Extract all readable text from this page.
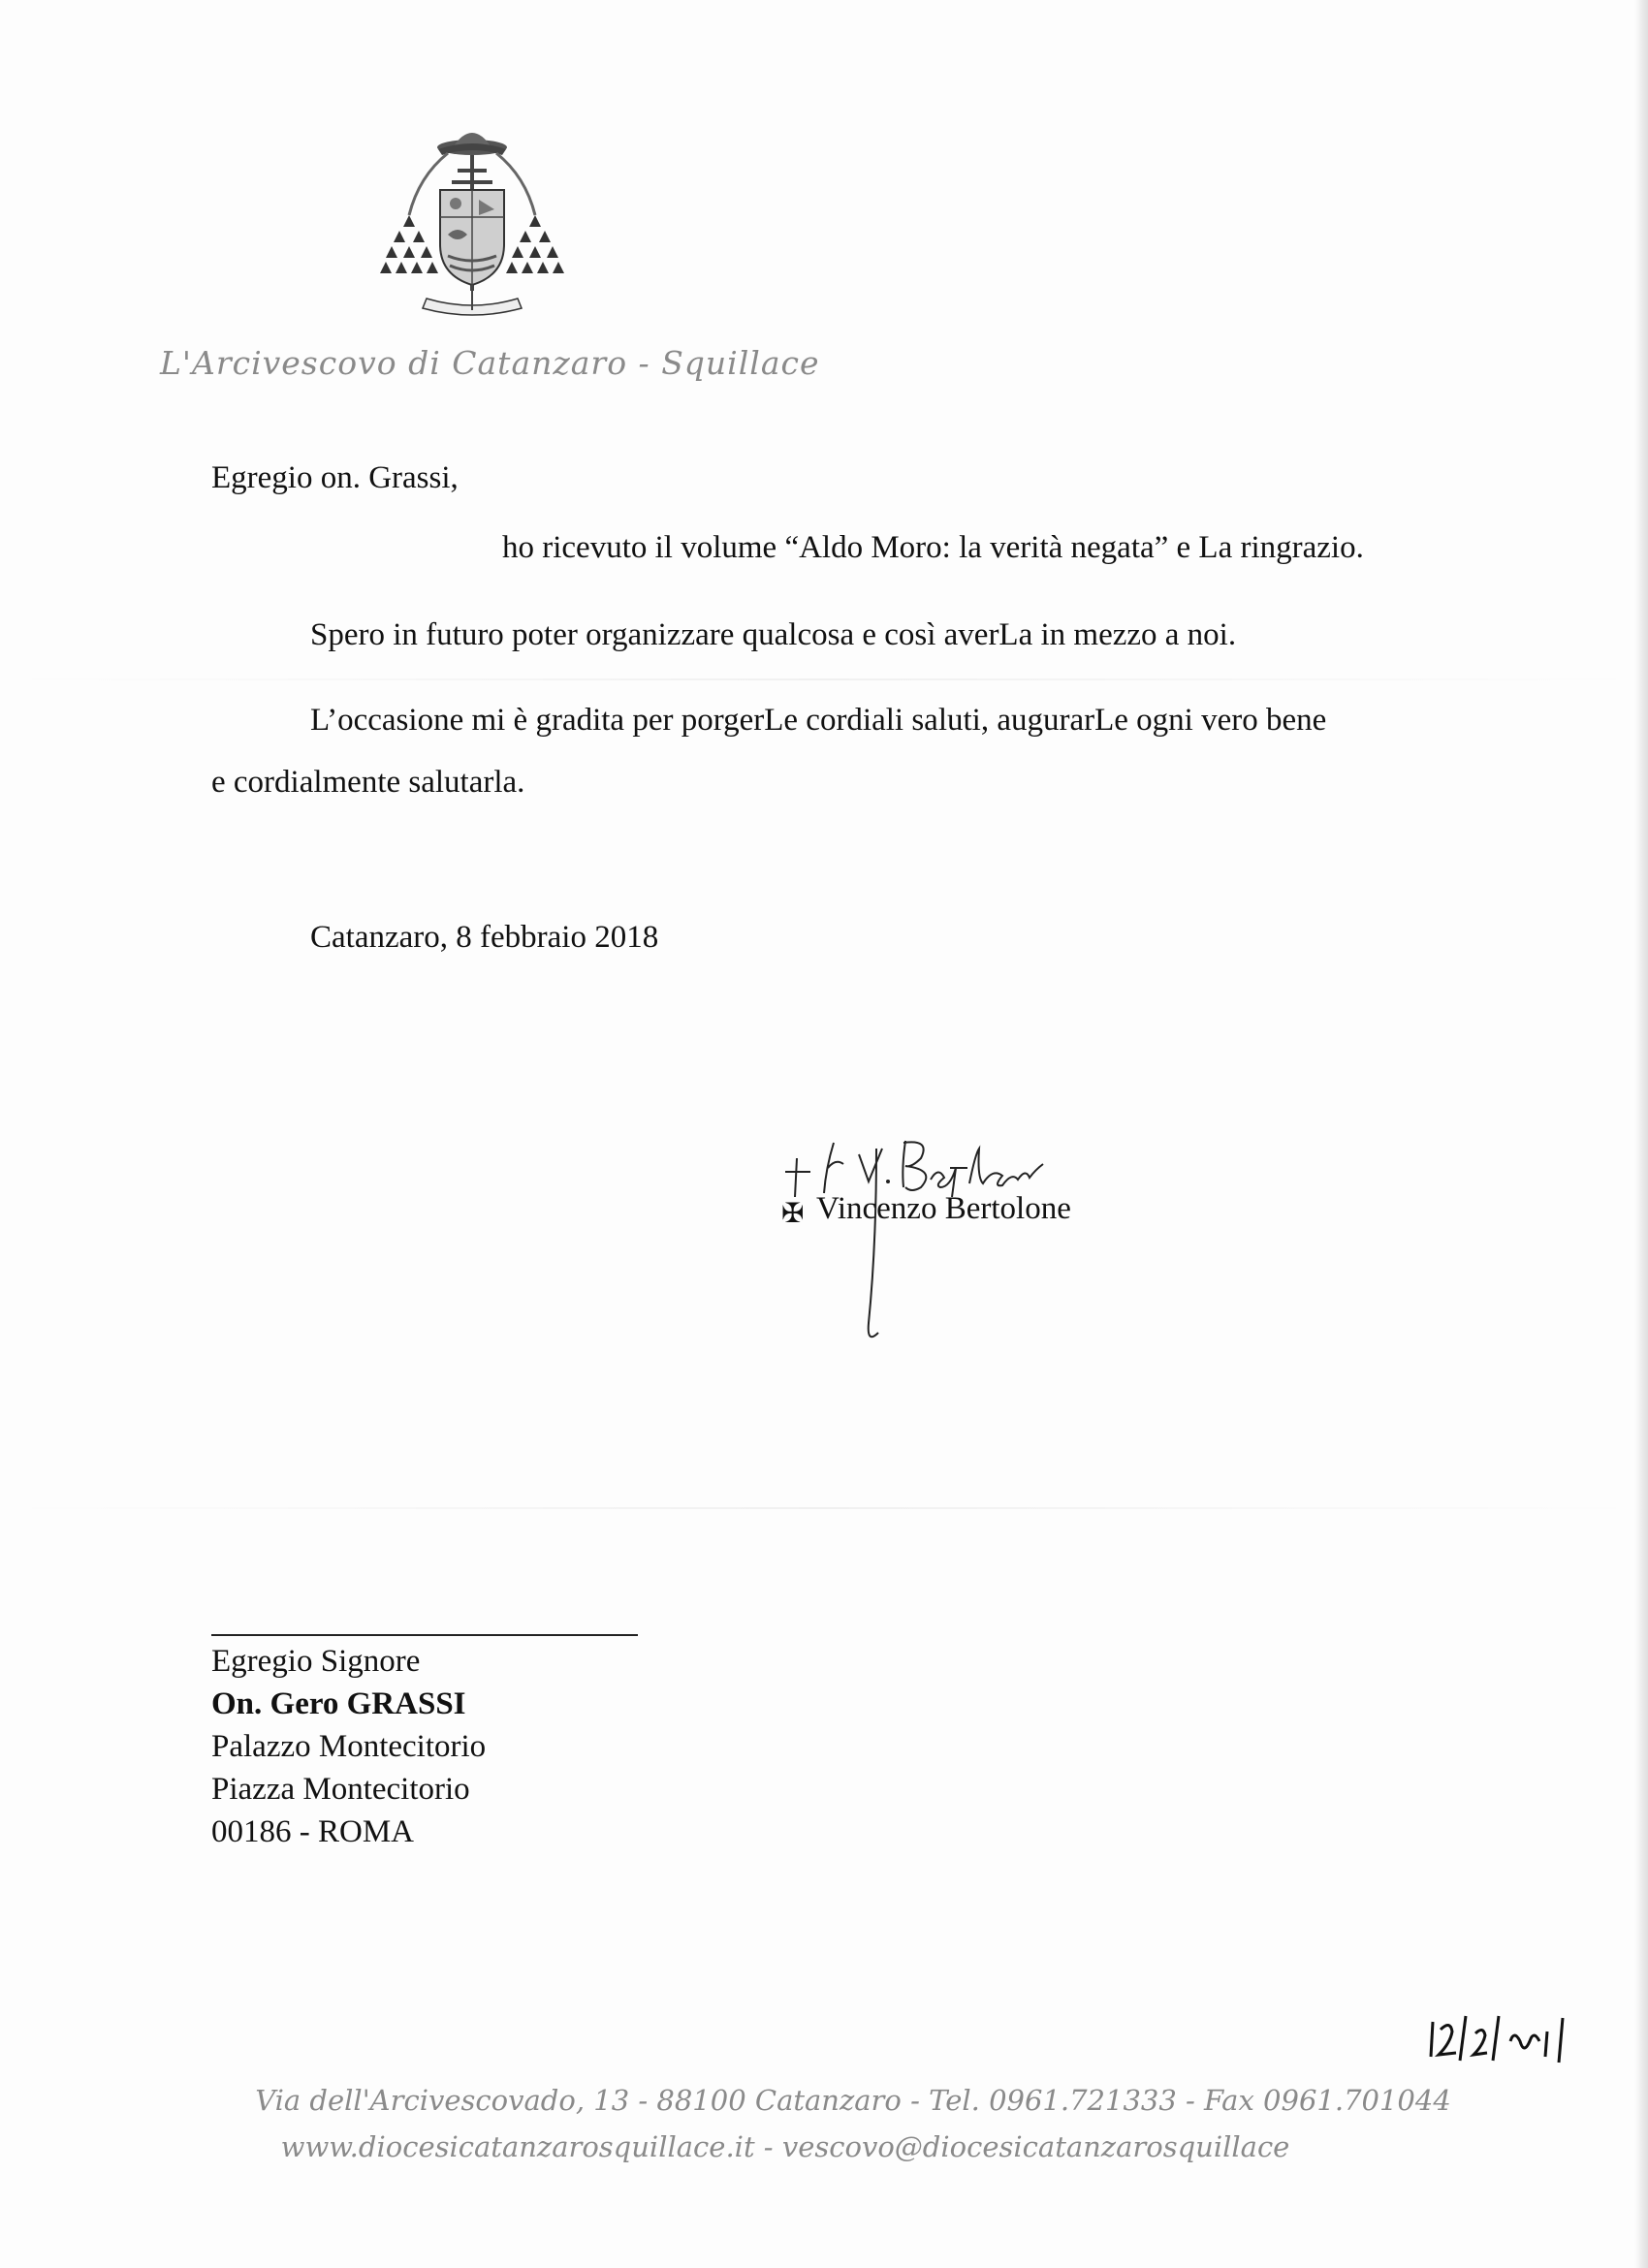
L'Arcivescovo di Catanzaro - Squillace
Egregio on. Grassi,
ho ricevuto il volume “Aldo Moro: la verità negata” e La ringrazio.
Spero in futuro poter organizzare qualcosa e così averLa in mezzo a noi.
L’occasione mi è gradita per porgerLe cordiali saluti, augurarLe ogni vero bene
e cordialmente salutarla.
Catanzaro, 8 febbraio 2018
✠ Vincenzo Bertolone
Egregio Signore
On. Gero GRASSI
Palazzo Montecitorio
Piazza Montecitorio
00186 - ROMA
Via dell'Arcivescovado, 13 - 88100 Catanzaro - Tel. 0961.721333 - Fax 0961.701044
www.diocesicatanzarosquillace.it - vescovo@diocesicatanzarosquillace
